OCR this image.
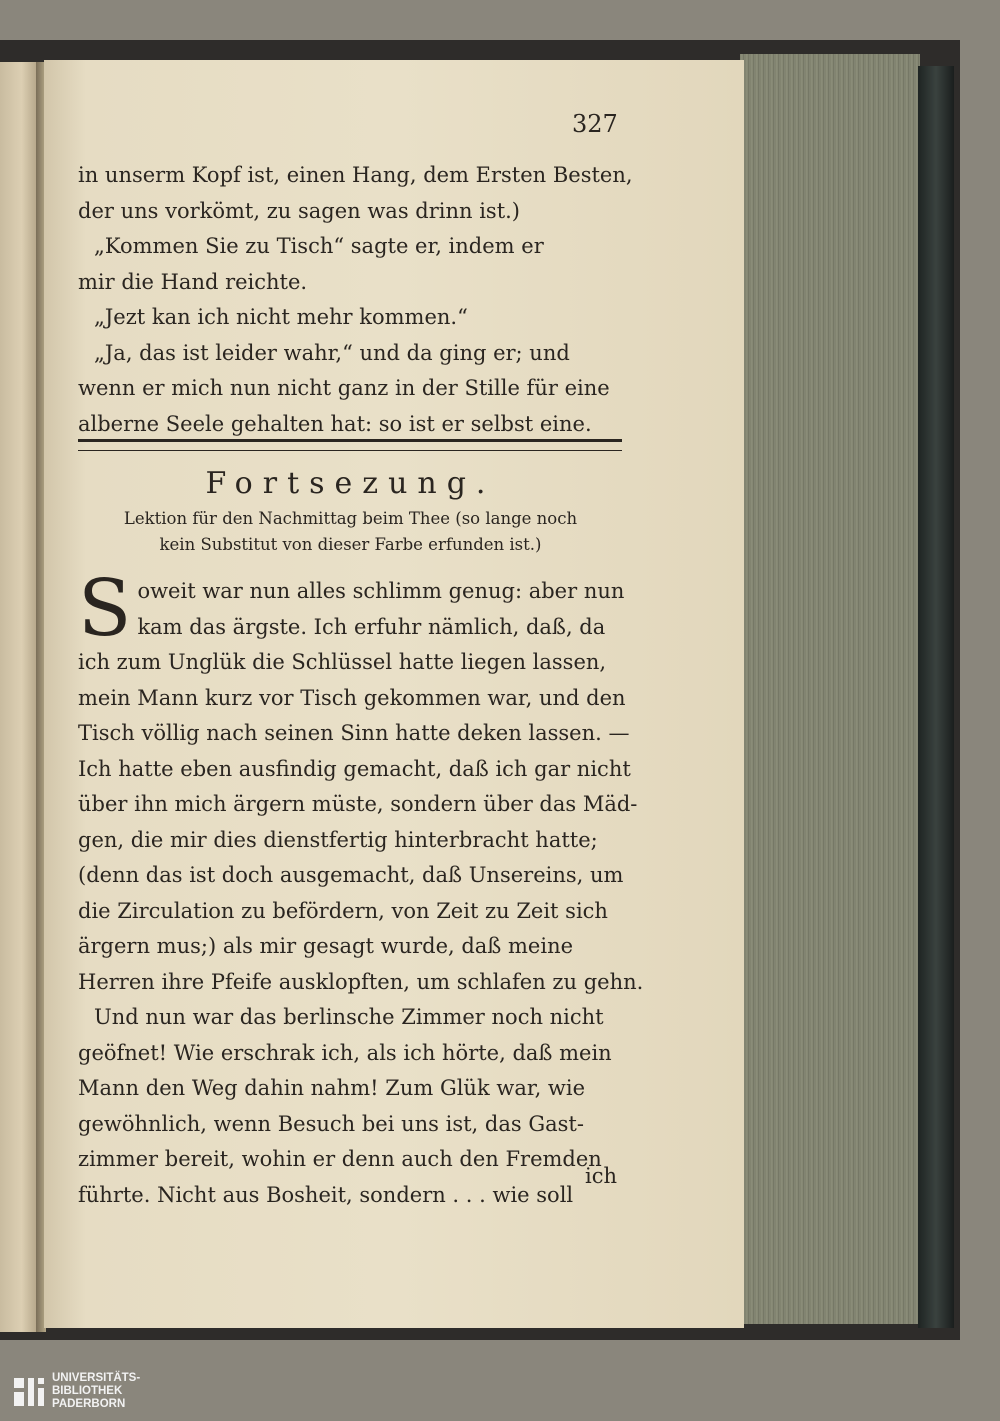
327
in unserm Kopf ist, einen Hang, dem Ersten Besten,
der uns vorkömt, zu sagen was drinn ist.)
„Kommen Sie zu Tisch“ sagte er, indem er
mir die Hand reichte.
„Jezt kan ich nicht mehr kommen.“
„Ja, das ist leider wahr,“ und da ging er; und
wenn er mich nun nicht ganz in der Stille für eine
alberne Seele gehalten hat: so ist er selbst eine.
Fortsezung.
Lektion für den Nachmittag beim Thee (so lange noch
kein Substitut von dieser Farbe erfunden ist.)
S oweit war nun alles schlimm genug: aber nun
kam das ärgste. Ich erfuhr nämlich, daß, da
ich zum Unglük die Schlüssel hatte liegen lassen,
mein Mann kurz vor Tisch gekommen war, und den
Tisch völlig nach seinen Sinn hatte deken lassen. —
Ich hatte eben ausfindig gemacht, daß ich gar nicht
über ihn mich ärgern müste, sondern über das Mäd-
gen, die mir dies dienstfertig hinterbracht hatte;
(denn das ist doch ausgemacht, daß Unsereins, um
die Zirculation zu befördern, von Zeit zu Zeit sich
ärgern mus;) als mir gesagt wurde, daß meine
Herren ihre Pfeife ausklopften, um schlafen zu gehn.
Und nun war das berlinsche Zimmer noch nicht
geöfnet! Wie erschrak ich, als ich hörte, daß mein
Mann den Weg dahin nahm! Zum Glük war, wie
gewöhnlich, wenn Besuch bei uns ist, das Gast-
zimmer bereit, wohin er denn auch den Fremden
führte. Nicht aus Bosheit, sondern . . . wie soll
ich
UNIVERSITÄTS-
BIBLIOTHEK
PADERBORN
